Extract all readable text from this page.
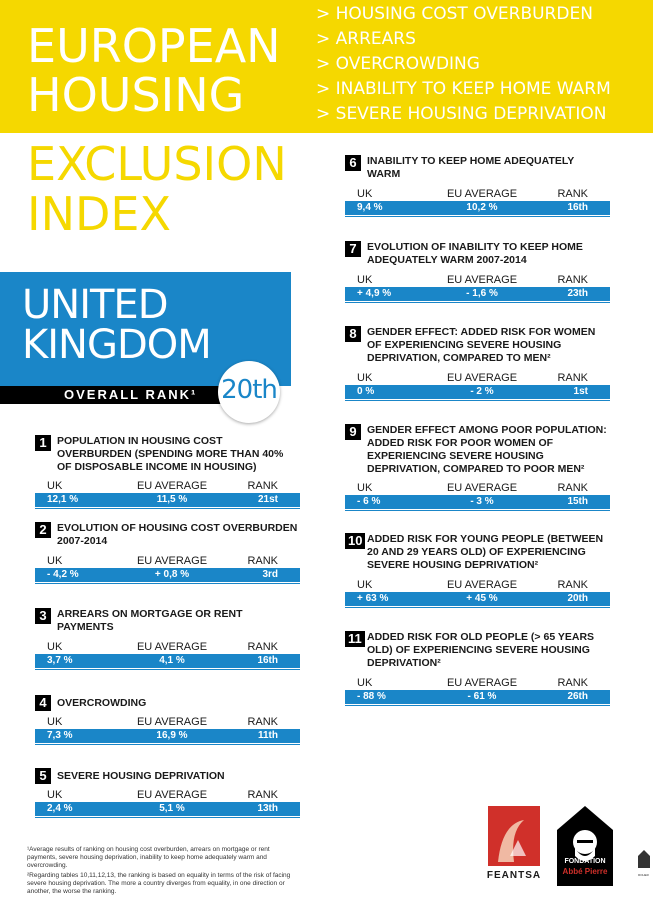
EUROPEAN
HOUSING
EXCLUSION
INDEX
> HOUSING COST OVERBURDEN
> ARREARS
> OVERCROWDING
> INABILITY TO KEEP HOME WARM
> SEVERE HOUSING DEPRIVATION
UNITED
KINGDOM
OVERALL RANK¹ 20th
1 POPULATION IN HOUSING COST OVERBURDEN (SPENDING MORE THAN 40% OF DISPOSABLE INCOME IN HOUSING)
UK	EU AVERAGE	RANK
12,1 %	11,5 %	21st
2 EVOLUTION OF HOUSING COST OVERBURDEN 2007-2014
UK	EU AVERAGE	RANK
- 4,2 %	+ 0,8 %	3rd
3 ARREARS ON MORTGAGE OR RENT PAYMENTS
UK	EU AVERAGE	RANK
3,7 %	4,1 %	16th
4 OVERCROWDING
UK	EU AVERAGE	RANK
7,3 %	16,9 %	11th
5 SEVERE HOUSING DEPRIVATION
UK	EU AVERAGE	RANK
2,4 %	5,1 %	13th
6 INABILITY TO KEEP HOME ADEQUATELY WARM
UK	EU AVERAGE	RANK
9,4 %	10,2 %	16th
7 EVOLUTION OF INABILITY TO KEEP HOME ADEQUATELY WARM 2007-2014
UK	EU AVERAGE	RANK
+ 4,9 %	- 1,6 %	23th
8 GENDER EFFECT: ADDED RISK FOR WOMEN OF EXPERIENCING SEVERE HOUSING DEPRIVATION, COMPARED TO MEN²
UK	EU AVERAGE	RANK
0 %	- 2 %	1st
9 GENDER EFFECT AMONG POOR POPULATION: ADDED RISK FOR POOR WOMEN OF EXPERIENCING SEVERE HOUSING DEPRIVATION, COMPARED TO POOR MEN²
UK	EU AVERAGE	RANK
- 6 %	- 3 %	15th
10 ADDED RISK FOR YOUNG PEOPLE (BETWEEN 20 AND 29 YEARS OLD) OF EXPERIENCING SEVERE HOUSING DEPRIVATION²
UK	EU AVERAGE	RANK
+ 63 %	+ 45 %	20th
11 ADDED RISK FOR OLD PEOPLE (> 65 YEARS OLD) OF EXPERIENCING SEVERE HOUSING DEPRIVATION²
UK	EU AVERAGE	RANK
- 88 %	- 61 %	26th
¹Average results of ranking on housing cost overburden, arrears on mortgage or rent payments, severe housing deprivation, inability to keep home adequately warm and overcrowding.
²Regarding tables 10,11,12,13, the ranking is based on equality in terms of the risk of facing severe housing deprivation. The more a country diverges from equality, in one direction or another, the worse the ranking.
FEANTSA
FONDATION
Abbé Pierre	ROHER
